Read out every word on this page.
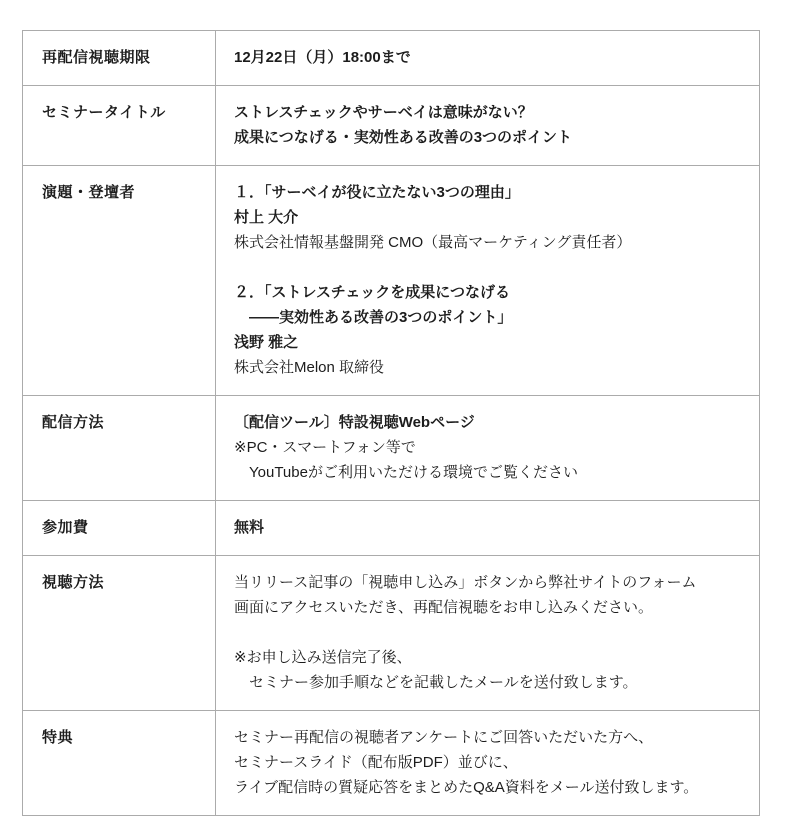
再配信視聴期限	12月22日（月）18:00まで

セミナータイトル	ストレスチェックやサーベイは意味がない？
成果につなげる・実効性ある改善の3つのポイント

演題・登壇者	１．「サーベイが役に立たない3つの理由」
村上 大介
株式会社情報基盤開発 CMO（最高マーケティング責任者）
２．「ストレスチェックを成果につなげる
　——実効性ある改善の3つのポイント」
浅野 雅之
株式会社Melon 取締役

配信方法	〔配信ツール〕特設視聴Webページ
※PC・スマートフォン等で
　YouTubeがご利用いただける環境でご覧ください

参加費	無料

視聴方法	当リリース記事の「視聴申し込み」ボタンから弊社サイトのフォーム
画面にアクセスいただき、再配信視聴をお申し込みください。
※お申し込み送信完了後、
　セミナー参加手順などを記載したメールを送付致します。

特典	セミナー再配信の視聴者アンケートにご回答いただいた方へ、
セミナースライド（配布版PDF）並びに、
ライブ配信時の質疑応答をまとめたQ&A資料をメール送付致します。
